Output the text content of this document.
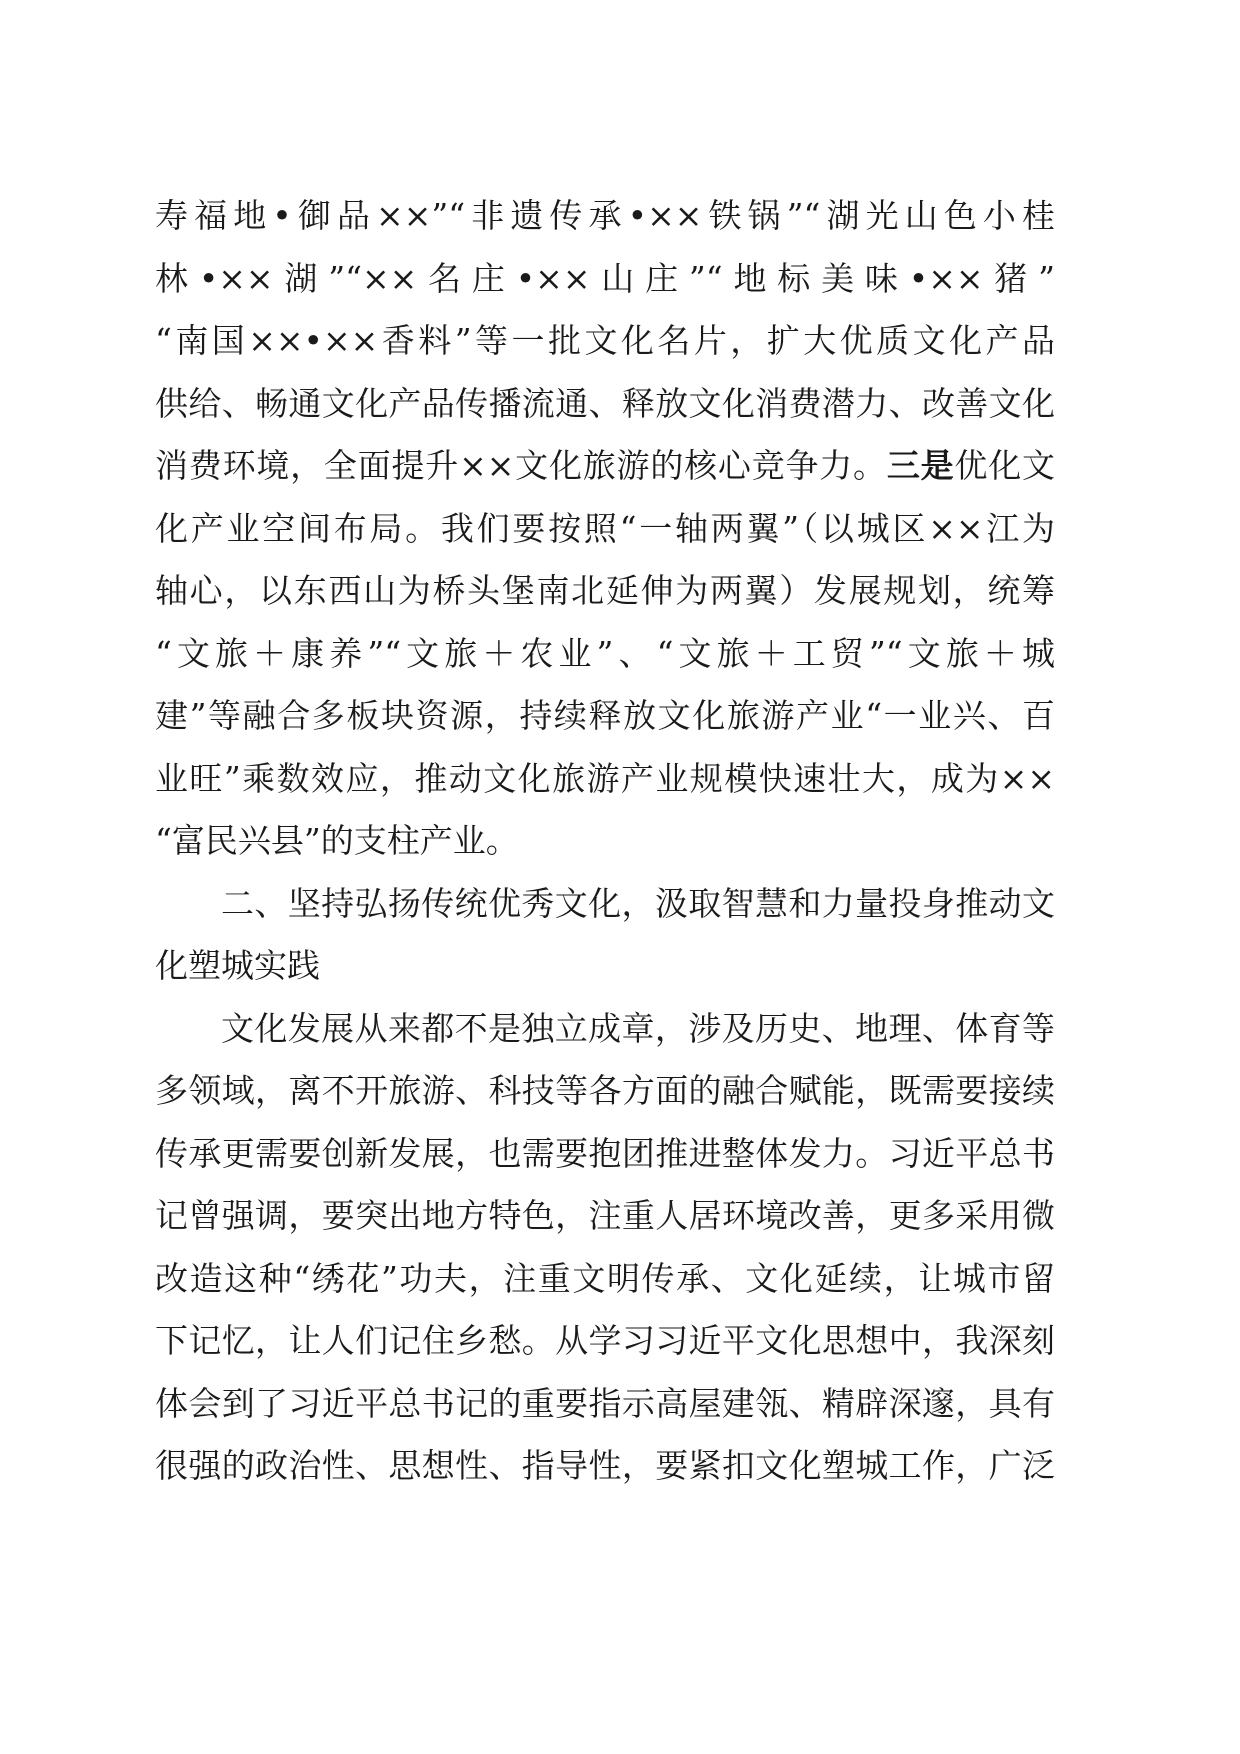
寿福地•御品××”“非遗传承•××铁锅”“湖光山色小桂
林•××湖”“××名庄•××山庄”“地标美味•××猪”
“南国××•××香料”等一批文化名片，扩大优质文化产品
供给、畅通文化产品传播流通、释放文化消费潜力、改善文化
消费环境，全面提升××文化旅游的核心竞争力。三是优化文
化产业空间布局。我们要按照“一轴两翼”（以城区××江为
轴心，以东西山为桥头堡南北延伸为两翼）发展规划，统筹
“文旅＋康养”“文旅＋农业”、“文旅＋工贸”“文旅＋城
建”等融合多板块资源，持续释放文化旅游产业“一业兴、百
业旺”乘数效应，推动文化旅游产业规模快速壮大，成为××
“富民兴县”的支柱产业。
二、坚持弘扬传统优秀文化，汲取智慧和力量投身推动文
化塑城实践
文化发展从来都不是独立成章，涉及历史、地理、体育等
多领域，离不开旅游、科技等各方面的融合赋能，既需要接续
传承更需要创新发展，也需要抱团推进整体发力。习近平总书
记曾强调，要突出地方特色，注重人居环境改善，更多采用微
改造这种“绣花”功夫，注重文明传承、文化延续，让城市留
下记忆，让人们记住乡愁。从学习习近平文化思想中，我深刻
体会到了习近平总书记的重要指示高屋建瓴、精辟深邃，具有
很强的政治性、思想性、指导性，要紧扣文化塑城工作，广泛
